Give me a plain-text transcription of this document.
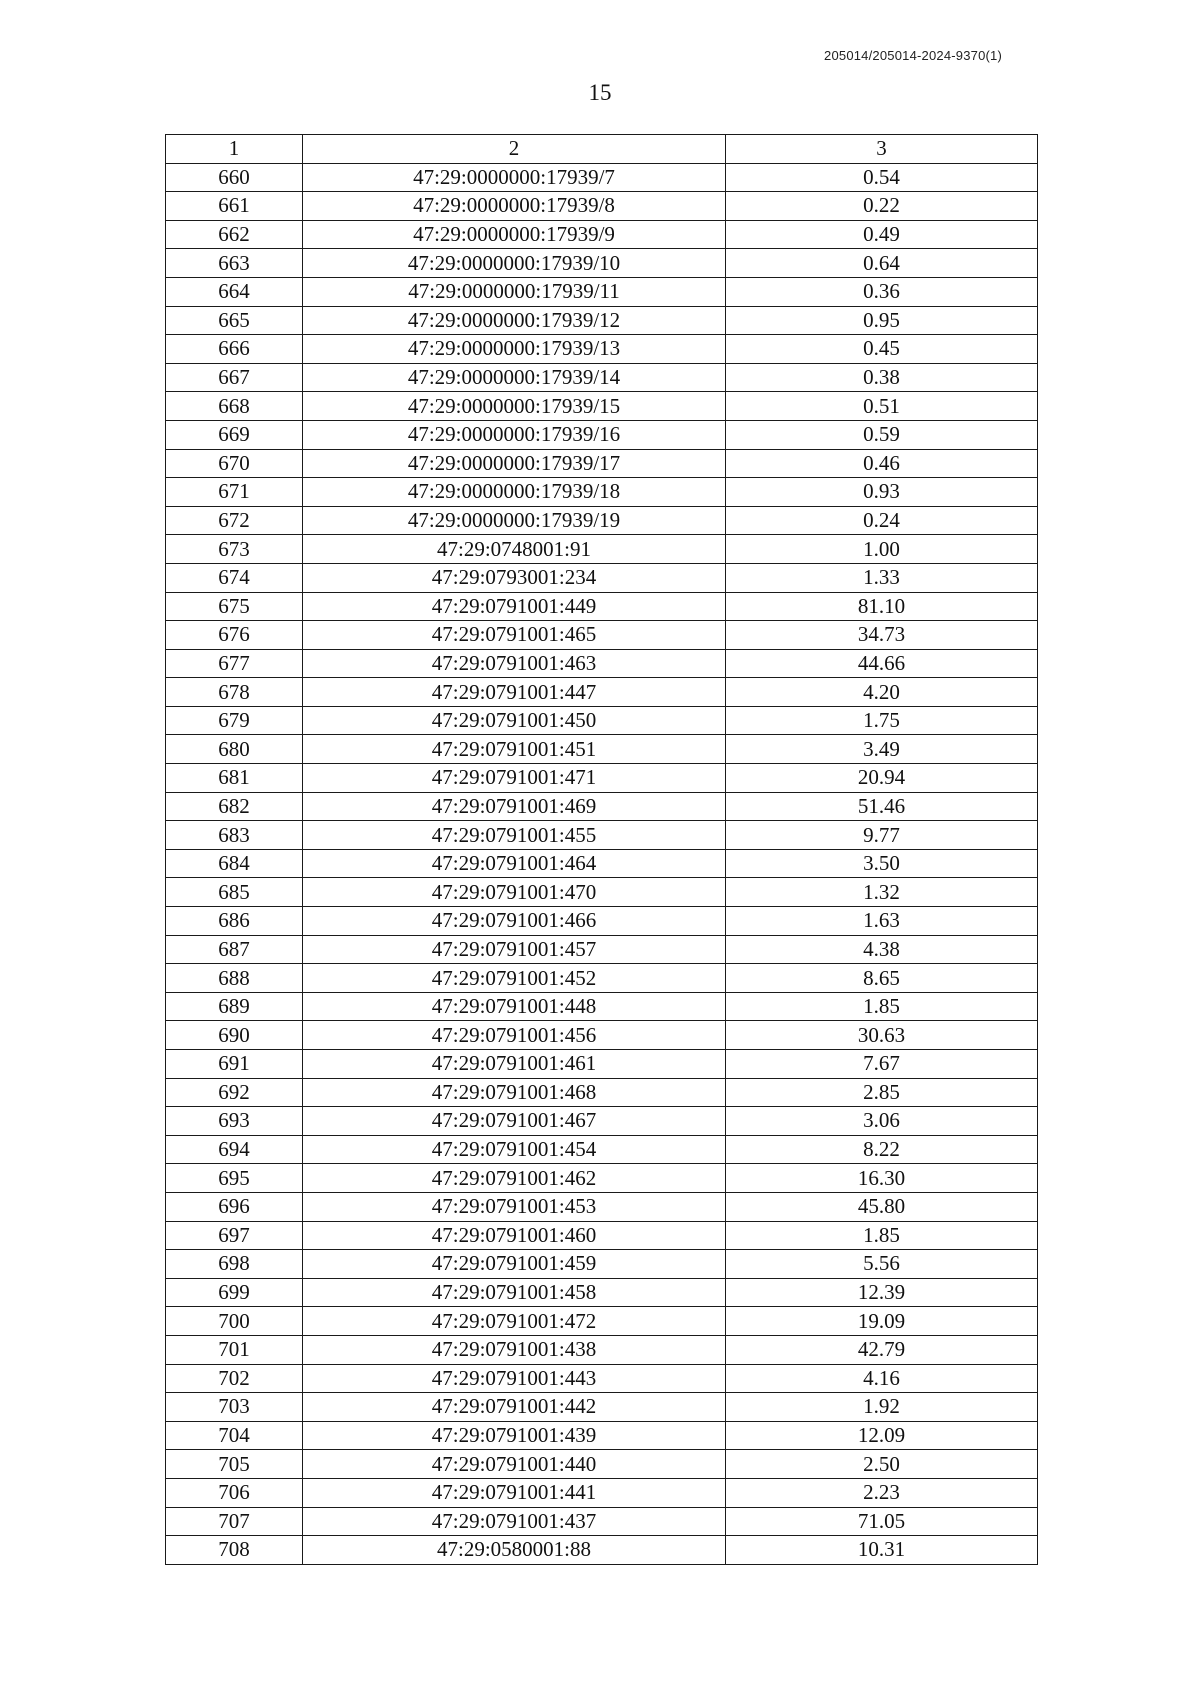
205014/205014-2024-9370(1)
15
1	2	3
660	47:29:0000000:17939/7	0.54
661	47:29:0000000:17939/8	0.22
662	47:29:0000000:17939/9	0.49
663	47:29:0000000:17939/10	0.64
664	47:29:0000000:17939/11	0.36
665	47:29:0000000:17939/12	0.95
666	47:29:0000000:17939/13	0.45
667	47:29:0000000:17939/14	0.38
668	47:29:0000000:17939/15	0.51
669	47:29:0000000:17939/16	0.59
670	47:29:0000000:17939/17	0.46
671	47:29:0000000:17939/18	0.93
672	47:29:0000000:17939/19	0.24
673	47:29:0748001:91	1.00
674	47:29:0793001:234	1.33
675	47:29:0791001:449	81.10
676	47:29:0791001:465	34.73
677	47:29:0791001:463	44.66
678	47:29:0791001:447	4.20
679	47:29:0791001:450	1.75
680	47:29:0791001:451	3.49
681	47:29:0791001:471	20.94
682	47:29:0791001:469	51.46
683	47:29:0791001:455	9.77
684	47:29:0791001:464	3.50
685	47:29:0791001:470	1.32
686	47:29:0791001:466	1.63
687	47:29:0791001:457	4.38
688	47:29:0791001:452	8.65
689	47:29:0791001:448	1.85
690	47:29:0791001:456	30.63
691	47:29:0791001:461	7.67
692	47:29:0791001:468	2.85
693	47:29:0791001:467	3.06
694	47:29:0791001:454	8.22
695	47:29:0791001:462	16.30
696	47:29:0791001:453	45.80
697	47:29:0791001:460	1.85
698	47:29:0791001:459	5.56
699	47:29:0791001:458	12.39
700	47:29:0791001:472	19.09
701	47:29:0791001:438	42.79
702	47:29:0791001:443	4.16
703	47:29:0791001:442	1.92
704	47:29:0791001:439	12.09
705	47:29:0791001:440	2.50
706	47:29:0791001:441	2.23
707	47:29:0791001:437	71.05
708	47:29:0580001:88	10.31
